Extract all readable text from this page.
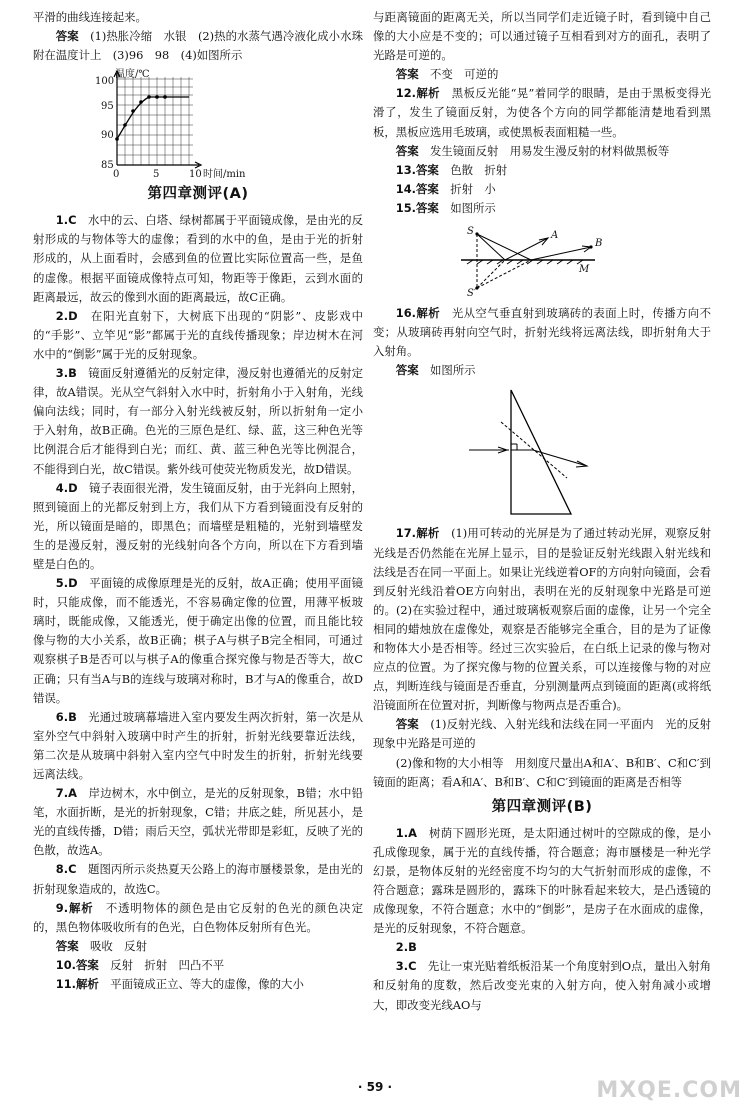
平滑的曲线连接起来。

答案　 (1)热胀冷缩　水银　(2)热的水蒸气遇冷液化成小水珠附在温度计上　(3)96　98　(4)如图所示

温度/℃
100
95
90
85
0	5	10 时间/min
第四章测评(A)

1.C　 水中的云、白塔、绿树都属于平面镜成像，是由光的反射形成的与物体等大的虚像；看到的水中的鱼，是由于光的折射形成的，从上面看时，会感到鱼的位置比实际位置高一些，是鱼的虚像。根据平面镜成像特点可知，物距等于像距，云到水面的距离最远，故云的像到水面的距离最远，故C正确。

2.D　 在阳光直射下，大树底下出现的“阴影”、皮影戏中的“手影”、立竿见“影”都属于光的直线传播现象；岸边树木在河水中的“倒影”属于光的反射现象。

3.B　 镜面反射遵循光的反射定律，漫反射也遵循光的反射定律，故A错误。光从空气斜射入水中时，折射角小于入射角，光线偏向法线；同时，有一部分入射光线被反射，所以折射角一定小于入射角，故B正确。色光的三原色是红、绿、蓝，这三种色光等比例混合后才能得到白光；而红、黄、蓝三种色光等比例混合，不能得到白光，故C错误。紫外线可使荧光物质发光，故D错误。

4.D　 镜子表面很光滑，发生镜面反射，由于光斜向上照射，照到镜面上的光都反射到上方，我们从下方看到镜面没有反射的光，所以镜面是暗的，即黑色；而墙壁是粗糙的，光射到墙壁发生的是漫反射，漫反射的光线射向各个方向，所以在下方看到墙壁是白色的。

5.D　 平面镜的成像原理是光的反射，故A正确；使用平面镜时，只能成像，而不能透光，不容易确定像的位置，用薄平板玻璃时，既能成像，又能透光，便于确定出像的位置，而且能比较像与物的大小关系，故B正确；棋子A与棋子B完全相同，可通过观察棋子B是否可以与棋子A的像重合探究像与物是否等大，故C正确；只有当A与B的连线与玻璃对称时，B才与A的像重合，故D错误。

6.B　 光通过玻璃幕墙进入室内要发生两次折射，第一次是从室外空气中斜射入玻璃中时产生的折射，折射光线要靠近法线，第二次是从玻璃中斜射入室内空气中时发生的折射，折射光线要远离法线。

7.A　 岸边树木，水中倒立，是光的反射现象，B错；水中铅笔，水面折断，是光的折射现象，C错；井底之蛙，所见甚小，是光的直线传播，D错；雨后天空，弧状光带即是彩虹，反映了光的色散，故选A。

8.C　 题图丙所示炎热夏天公路上的海市蜃楼景象，是由光的折射现象造成的，故选C。

9.解析　 不透明物体的颜色是由它反射的色光的颜色决定的，黑色物体吸收所有的色光，白色物体反射所有色光。

答案　 吸收　反射

10.答案　 反射　折射　凹凸不平

11.解析　 平面镜成正立、等大的虚像，像的大小

与距离镜面的距离无关，所以当同学们走近镜子时，看到镜中自己像的大小应是不变的；可以通过镜子互相看到对方的面孔，表明了光路是可逆的。

答案　 不变　可逆的

12.解析　 黑板反光能“晃”着同学的眼睛，是由于黑板变得光滑了，发生了镜面反射，为使各个方向的同学都能清楚地看到黑板，黑板应选用毛玻璃，或使黑板表面粗糙一些。

答案　 发生镜面反射　用易发生漫反射的材料做黑板等

13.答案　 色散　折射

14.答案　 折射　小

15.答案　 如图所示

S	A
B
M
S′

16.解析　 光从空气垂直射到玻璃砖的表面上时，传播方向不变；从玻璃砖再射向空气时，折射光线将远离法线，即折射角大于入射角。

答案　 如图所示

17.解析　 (1)用可转动的光屏是为了通过转动光屏，观察反射光线是否仍然能在光屏上显示，目的是验证反射光线跟入射光线和法线是否在同一平面上。如果让光线逆着OF的方向射向镜面，会看到反射光线沿着OE方向射出，表明在光的反射现象中光路是可逆的。(2)在实验过程中，通过玻璃板观察后面的虚像，让另一个完全相同的蜡烛放在虚像处，观察是否能够完全重合，目的是为了证像和物体大小是否相等。经过三次实验后，在白纸上记录的像与物对应点的位置。为了探究像与物的位置关系，可以连接像与物的对应点，判断连线与镜面是否垂直，分别测量两点到镜面的距离(或将纸沿镜面所在位置对折，判断像与物两点是否重合)。

答案　 (1)反射光线、入射光线和法线在同一平面内　光的反射现象中光路是可逆的

(2)像和物的大小相等　用刻度尺量出A和A′、B和B′、C和C′到镜面的距离；看A和A′、B和B′、C和C′到镜面的距离是否相等

第四章测评(B)

1.A　 树荫下圆形光斑，是太阳通过树叶的空隙成的像，是小孔成像现象，属于光的直线传播，符合题意；海市蜃楼是一种光学幻景，是物体反射的光经密度不均匀的大气折射而形成的虚像，不符合题意；露珠是圆形的，露珠下的叶脉看起来较大，是凸透镜的成像现象，不符合题意；水中的“倒影”，是房子在水面成的虚像，是光的反射现象，不符合题意。

2.B

3.C　 先让一束光贴着纸板沿某一个角度射到O点，量出入射角和反射角的度数，然后改变光束的入射方向，使入射角减小或增大，即改变光线AO与

· 59 ·	MXQE.COM
